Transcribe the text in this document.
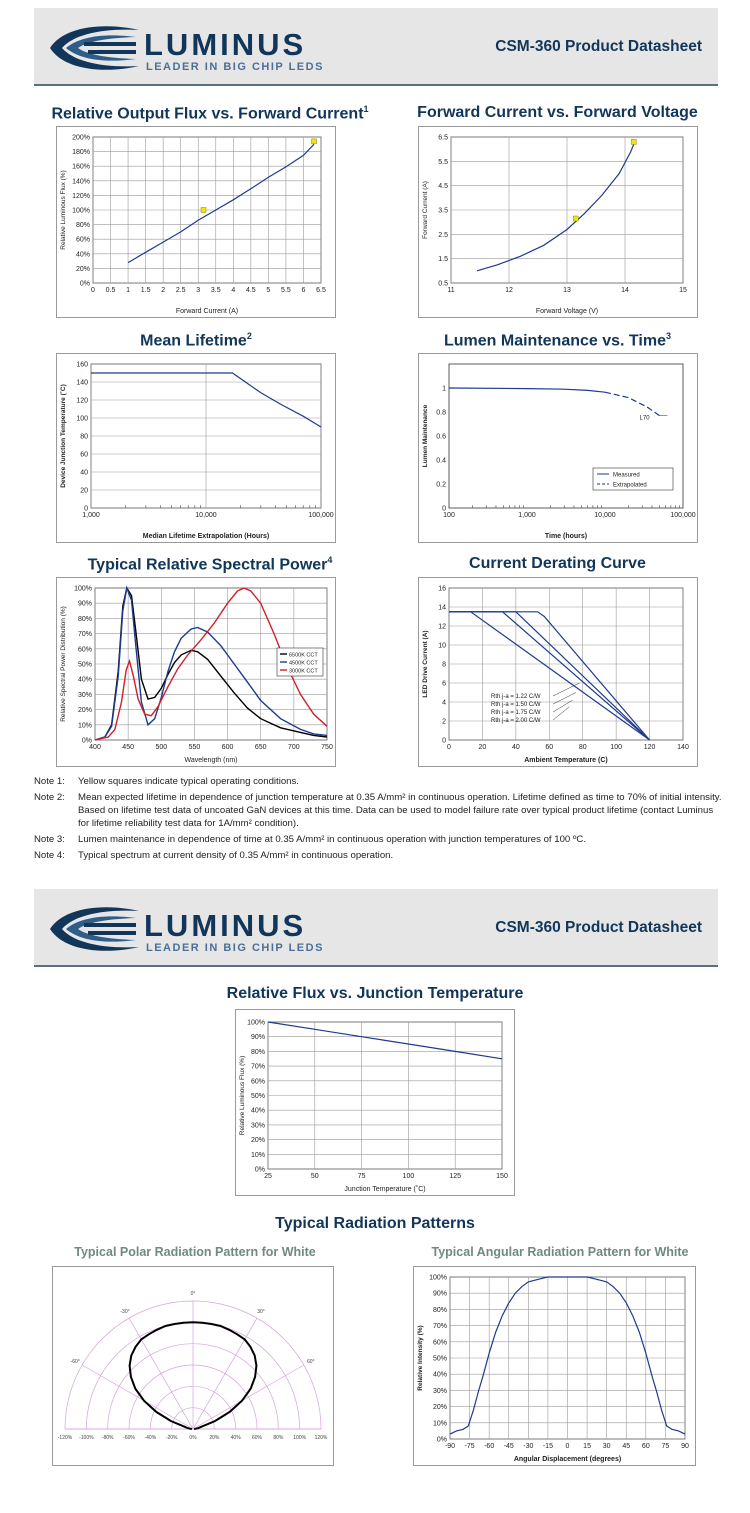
LUMINUS
LEADER IN BIG CHIP LEDS
CSM-360 Product Datasheet
Relative Output Flux vs. Forward Current$^1$
0 0.5 1 1.5 2 2.5 3 3.5 4 4.5 5 5.5 6 6.5
0%
20%
40%
60%
80%
100%
120%
140%
160%
180%
200%
Forward Current (A)
Relative Luminous Flux (%)
Forward Current vs. Forward Voltage
11	12	13	14	15
0.5
1.5
2.5
3.5
4.5
5.5
6.5
Forward Voltage (V)
Forward Current (A)
Mean Lifetime$^2$
1,000	10,000	100,000
0
20
40
60
80
100
120
140
160
Median Lifetime Extrapolation (Hours)
Device Junction Temperature (˚C)
Lumen Maintenance vs. Time$^3$
100	1,000	10,000	100,000
0
0.2
0.4
0.6
0.8
1
Time (hours)
Lumen Maintenance
Measured
Extrapolated
L70
Typical Relative Spectral Power$^4$
400	450	500	550	600	650	700	750
0%
10%
20%
30%
40%
50%
60%
70%
80%
90%
100%
Wavelength (nm)
Relative Spectral Power Distribution (%)	6500K CCT
4500K CCT
3000K CCT
Current Derating Curve
0	20	40	60	80	100	120	140
0
2
4
6
8
10
12
14
16
Ambient Temperature (C)
LED Drive Current (A)	Rth j-a = 1.22 C/W
Rth j-a = 1.50 C/W
Rth j-a = 1.75 C/W
Rth j-a = 2.00 C/W
Note 1:	Yellow squares indicate typical operating conditions.
Note 2:	Mean expected lifetime in dependence of junction temperature at 0.35 A/mm² in continuous operation. Lifetime defined as time to 70% of initial intensity. Based on lifetime test data of uncoated GaN devices at this time. Data can be used to model failure rate over typical product lifetime (contact Luminus for lifetime reliability test data for 1A/mm² condition).
Note 3:	Lumen maintenance in dependence of time at 0.35 A/mm² in continuous operation with junction temperatures of 100 ºC.
Note 4:	Typical spectrum at current density of 0.35 A/mm² in continuous operation.
LUMINUS
LEADER IN BIG CHIP LEDS
CSM-360 Product Datasheet
Relative Flux vs. Junction Temperature
25	50	75	100	125	150
0%
10%
20%
30%
40%
50%
60%
70%
80%
90%
100%
Junction Temperature (˚C)
Relative Luminous Flux (%)
Typical Radiation Patterns
Typical Polar Radiation Pattern for White	Typical Angular Radiation Pattern for White
-60°
-30°
0°
30°
60°
-120% -100% -80% -60% -40% -20% 0%	20% 40% 60% 80% 100% 120%
-90 -75 -60 -45 -30 -15 0 15 30 45 60 75 90
0%
10%
20%
30%
40%
50%
60%
70%
80%
90%
100%
Angular Displacement (degrees)
Relative Intensity (%)
